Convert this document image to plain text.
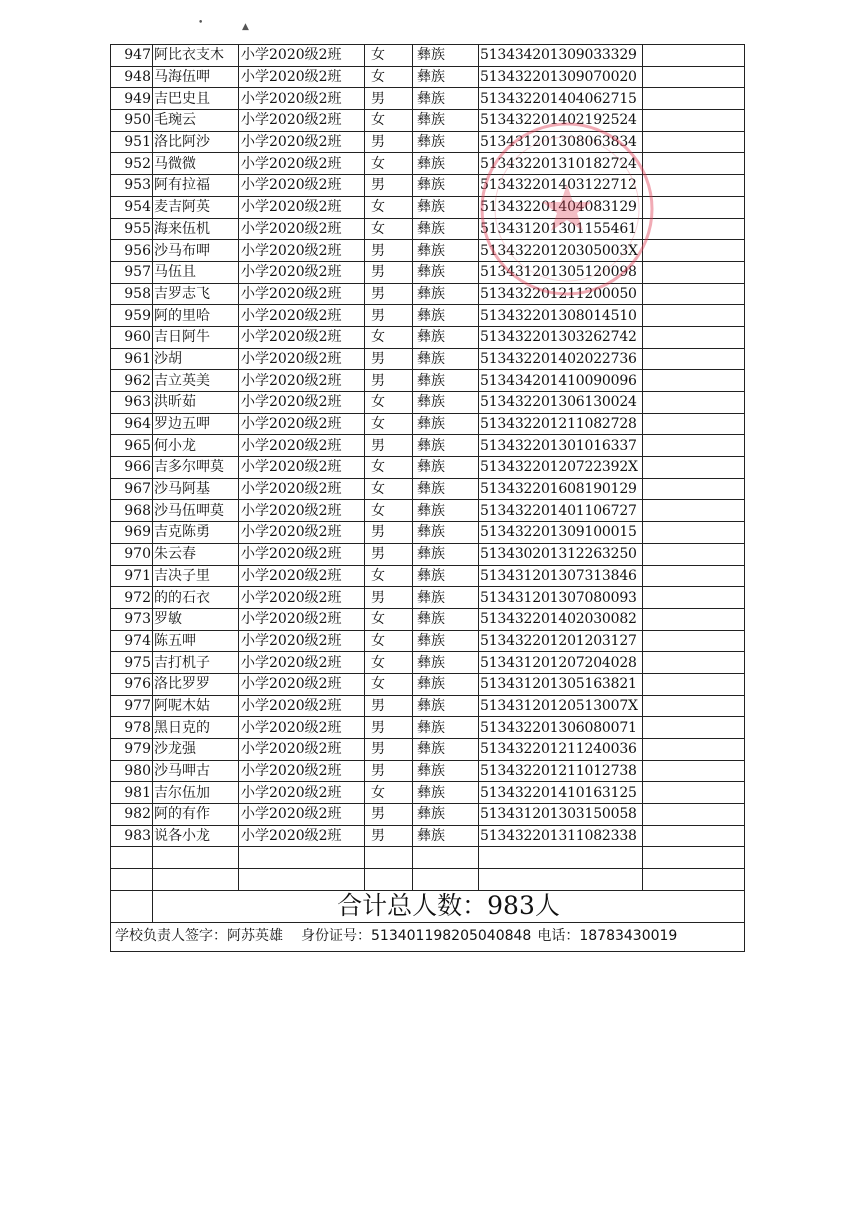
•	▲
947	阿比衣支木	小学2020级2班	女	彝族	513434201309033329	
948	马海伍呷	小学2020级2班	女	彝族	513432201309070020	
949	吉巴史且	小学2020级2班	男	彝族	513432201404062715	
950	毛琬云	小学2020级2班	女	彝族	513432201402192524	
951	洛比阿沙	小学2020级2班	男	彝族	513431201308063834	
952	马微微	小学2020级2班	女	彝族	513432201310182724	
953	阿有拉福	小学2020级2班	男	彝族	513432201403122712	
954	麦吉阿英	小学2020级2班	女	彝族	513432201404083129	
955	海来伍机	小学2020级2班	女	彝族	513431201301155461	
956	沙马布呷	小学2020级2班	男	彝族	51343220120305003X	
957	马伍且	小学2020级2班	男	彝族	513431201305120098	
958	吉罗志飞	小学2020级2班	男	彝族	513432201211200050	
959	阿的里哈	小学2020级2班	男	彝族	513432201308014510	
960	吉日阿牛	小学2020级2班	女	彝族	513432201303262742	
961	沙胡	小学2020级2班	男	彝族	513432201402022736	
962	吉立英美	小学2020级2班	男	彝族	513434201410090096	
963	洪昕茹	小学2020级2班	女	彝族	513432201306130024	
964	罗边五呷	小学2020级2班	女	彝族	513432201211082728	
965	何小龙	小学2020级2班	男	彝族	513432201301016337	
966	吉多尔呷莫	小学2020级2班	女	彝族	51343220120722392X	
967	沙马阿基	小学2020级2班	女	彝族	513432201608190129	
968	沙马伍呷莫	小学2020级2班	女	彝族	513432201401106727	
969	吉克陈勇	小学2020级2班	男	彝族	513432201309100015	
970	朱云春	小学2020级2班	男	彝族	513430201312263250	
971	吉决子里	小学2020级2班	女	彝族	513431201307313846	
972	的的石衣	小学2020级2班	男	彝族	513431201307080093	
973	罗敏	小学2020级2班	女	彝族	513432201402030082	
974	陈五呷	小学2020级2班	女	彝族	513432201201203127	
975	吉打机子	小学2020级2班	女	彝族	513431201207204028	
976	洛比罗罗	小学2020级2班	女	彝族	513431201305163821	
977	阿呢木姑	小学2020级2班	男	彝族	51343120120513007X	
978	黑日克的	小学2020级2班	男	彝族	513432201306080071	
979	沙龙强	小学2020级2班	男	彝族	513432201211240036	
980	沙马呷古	小学2020级2班	男	彝族	513432201211012738	
981	吉尔伍加	小学2020级2班	女	彝族	513432201410163125	
982	阿的有作	小学2020级2班	男	彝族	513431201303150058	
983	说各小龙	小学2020级2班	男	彝族	513432201311082338	

	合计总人数：983人					
学校负责人签字：阿苏英雄 身份证号：513401198205040848 电话：18783430019						
